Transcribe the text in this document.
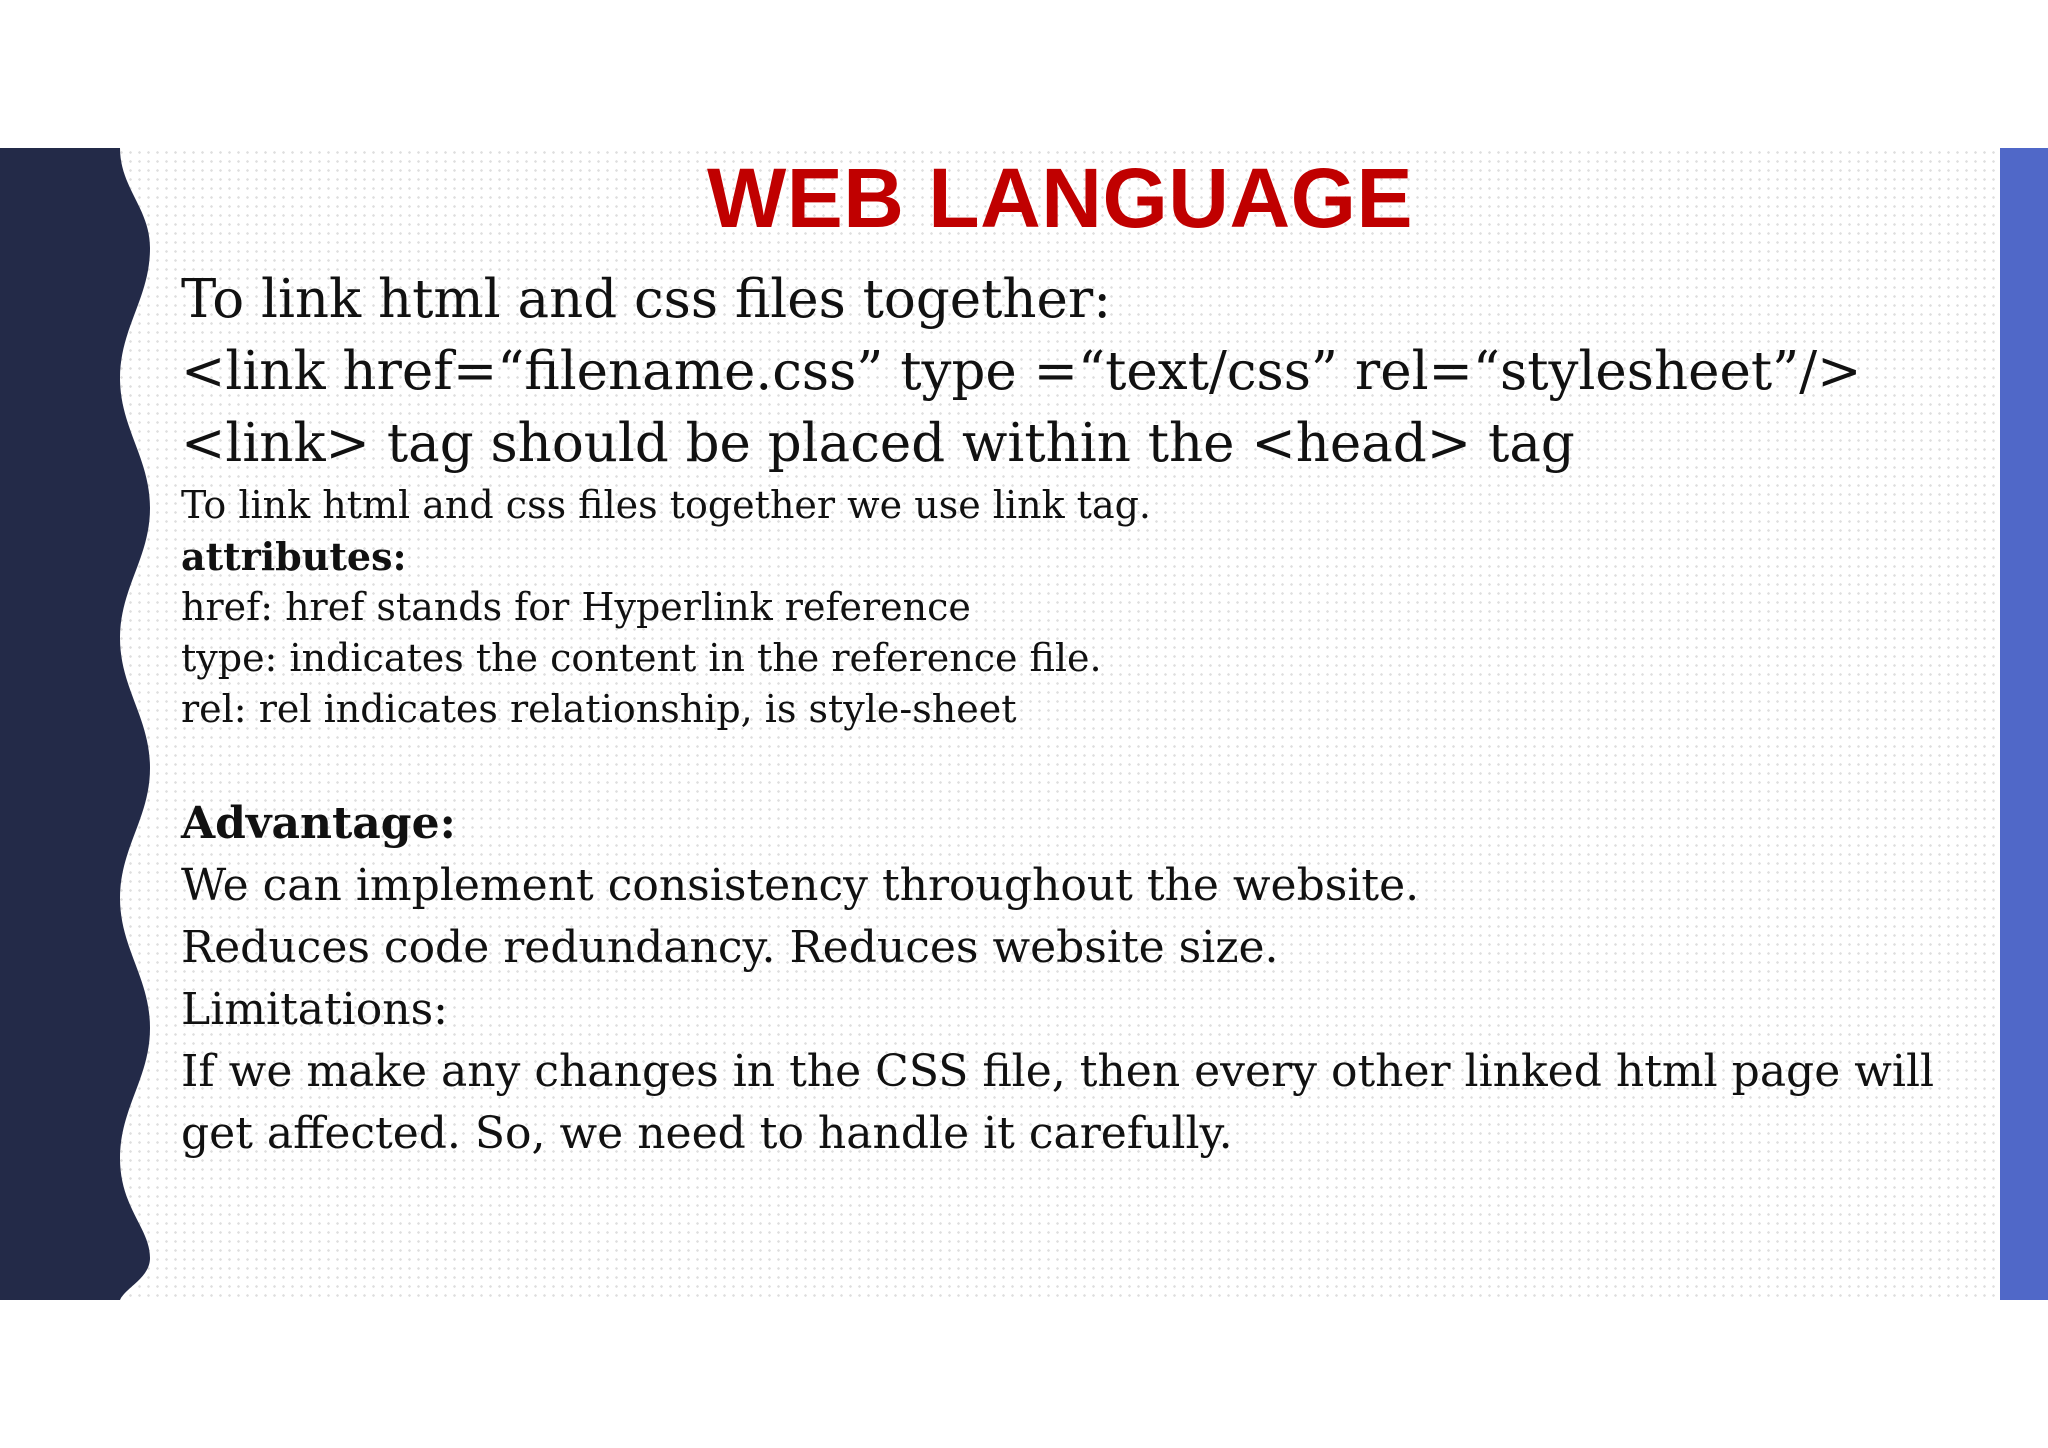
WEB LANGUAGE
To link html and css files together:
<link href=“filename.css” type =“text/css” rel=“stylesheet”/>
<link> tag should be placed within the <head> tag
To link html and css files together we use link tag.
attributes:
href: href stands for Hyperlink reference
type: indicates the content in the reference file.
rel: rel indicates relationship, is style-sheet
Advantage:
We can implement consistency throughout the website.
Reduces code redundancy. Reduces website size.
Limitations:
If we make any changes in the CSS file, then every other linked html page will get affected. So, we need to handle it carefully.
